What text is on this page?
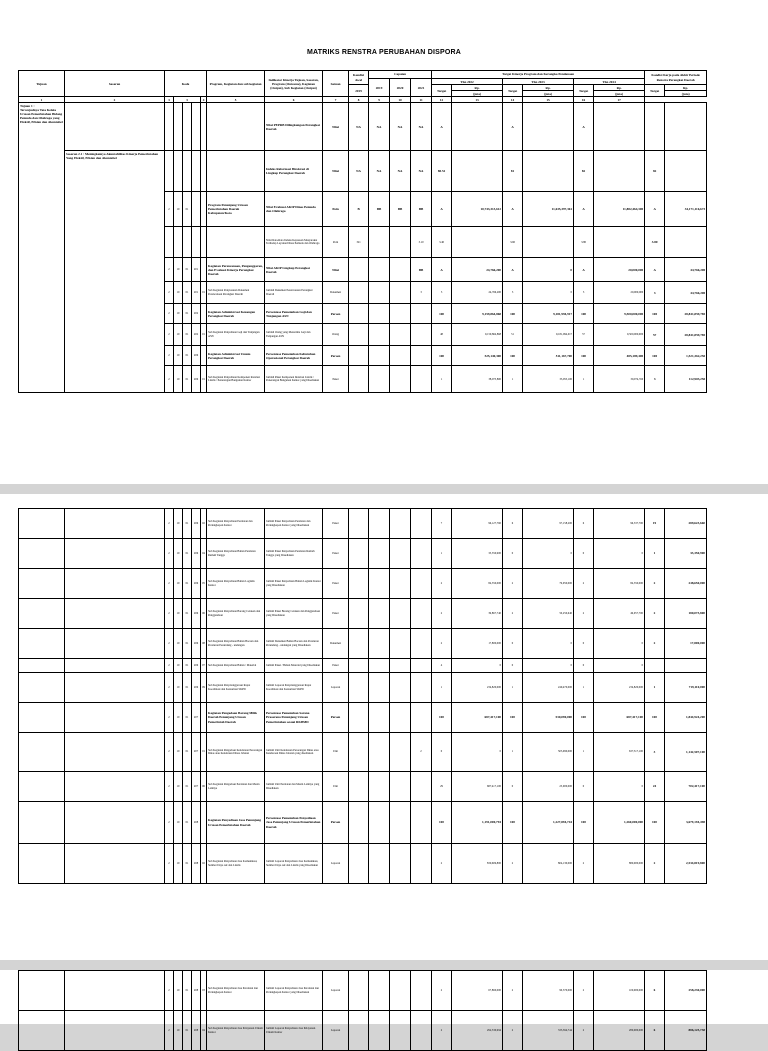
MATRIKS RENSTRA PERUBAHAN DISPORA
Tujuan	Sasaran	Kode					Program, Kegiatan dan sub kegiatan	Indikator Kinerja Tujuan, Sasaran, Program (Outcome), Kegiatan (Output), Sub Kegiatan (Output)	Satuan	Kondisi Awal	Capaian			Target Kinerja Program dan Kerangka Pendanaan						Kondisi Kerja pada Akhir Periode Renstra Perangkat Daerah	
											2019	2020	2021	Thn 2022		Thn 2023		Thn 2024			
										2019				Target	Rp.	Target	Rp.	Target	Rp.	Target	Rp.
															(juta)		(juta)		(juta)		(juta)
1	2	3	3			4	5	6	7	8	9	10	11	12	13	14	15	16	17		

Tujuan 1 :
Terwujudnya Tata Kelola Urusan Pemerintahan Bidang Pemuda dan Olahraga yang Efektif, Efisien dan Akuntabel								Nilai PEPRB Dilingkungan Perangkat Daerah	Nilai	NA	NA	NA	NA	A		A		A			
	Sasaran 2.1 : Meningkatnya Akuntabilitas Kinerja Pemerintahan Yang Efektif, Efisien dan Akuntabel							Indeks Reformasi Birokrasi di Lingkup Perangkat Daerah	Nilai	NA	NA	NA	NA	80.51		81		82		82	
		2	19	01			Program Penunjang Urusan Pemerintahan Daerah Kabupaten/Kota	Nilai Evaluasi AKIP Dinas Pemuda dan Olahraga	Poin	B	BB	BB	BB	A	10,743,313,612	A	11,635,397,361	A	11,882,464,300	A	34,171,116,673
								Nilai Rata-Rata Indeks Kepuasan Masyarakat Terhadap Layanan Dinas Pemuda dan Olahraga	Poin	321			3.10	3.40		3.60		3.80		3.80	
		2	19	01	201		Kegiatan Perencanaan, Penganggaran, dan Evaluasi Kinerja Perangkat Daerah	Nilai AKIP Lingkup Perangkat Daerah	Nilai				BB	A	24,766,200	A	0	A	20,000,000	A	44,766,200
		2	19	01	201	01	Sub Kegiatan Penyusunan Dokumen Perencanaan Perangkat Daerah	Jumlah Dokumen Perencanaan Perangkat Daerah	Dokumen				3	3	24,766,200	3	0	3	20,000,000	3	44,766,200
		2	19	01	202		Kegiatan Administrasi Keuangan Perangkat Daerah	Persentase Pemenuhan Gaji dan Tunjangan ASN	Persen					100	9,159,864,868	100	9,181,994,917	100	9,500,000,000	100	28,841,859,785
		2	19	01	202	01	Sub Kegiatan Penyediaan Gaji dan Tunjangan ASN	Jumlah Orang yang Menerima Gaji dan Tunjangan ASN	Orang					48	9,159,864,868	51	9,181,994,917	57	9,500,000,000	57	28,841,859,785
		2	19	01	206		Kegiatan Administrasi Umum Perangkat Daerah	Persentase Pemenuhan Kebutuhan Operasional Perangkat Daerah	Persen					100	525,140,300	100	511,167,700	100	485,189,400	100	1,521,362,250
		2	19	01	206	01	Sub Kegiatan Penyediaan Komponen Instalasi Listrik / Penerangan Bangunan Kantor	Jumlah Paket Komponen Instalasi Listrik / Penerangan Bangunan Kantor yang Disediakan	Paket					1	38,973,800	1	33,955,100	1	39,974,350	3	112,903,250
		2	19	01	206	02	Sub Kegiatan Penyediaan Peralatan dan Perlengkapan Kantor	Jumlah Paket Penyediaan Peralatan dan Perlengkapan Kantor yang Disediakan	Paket					7	96,127,760	6	97,158,200	6	96,337,700	19	289,623,660
		2	19	01	206	04	Sub Kegiatan Penyediaan Bahan Peralatan Rumah Tangga	Jumlah Paket Penyediaan Peralatan Rumah Tangga yang Disediakan	Paket					1	33,350,900	0	0	0	0	1	33,350,900
		2	19	01	206	05	Sub Kegiatan Penyediaan Bahan Logistik Kantor	Jumlah Paket Penyediaan Bahan Logistik Kantor yang Disediakan	Paket					2	84,350,000	2	79,950,000	2	84,350,000	2	248,650,000
		2	19	01	206	06	Sub Kegiatan Penyediaan Barang Cetakan dan Penggandaan	Jumlah Paket Barang Cetakan dan Penggandaan yang Disediakan	Paket					2	39,867,740	2	50,250,640	2	49,957,700	2	180,073,800
		2	19	01	206	08	Sub Kegiatan Penyediaan Bahan Bacaan dan Peraturan Perundang - undangan	Jumlah Dokumen Bahan Bacaan dan Peraturan Perundang - undangan yang Disediakan	Dokumen					2	17,800,000	0	0	0	0	2	17,800,000
		2	19	01	206	07	Sub Kegiatan Penyediaan Bahan / Material	Jumlah Paket / Bahan Material yang Disediakan	Paket					4	0	0	0	0	0		
		2	19	01	206	09	Sub Kegiatan Penyelenggaraan Rapat Koordinasi dan Konsultasi SKPD	Jumlah Laporan Penyelenggaraan Rapat Koordinasi dan Konsultasi SKPD	Laporan					1	234,820,000	1	249,470,000	1	234,820,000	1	719,110,000
		2	19	01	207		Kegiatan Pengadaan Barang Milik Daerah Penunjang Urusan Pemerintah Daerah	Persentase Pemenuhan Sarana Prasarana Penunjang Urusan Pemerintahan sesuai RKBMD	Persen					100	687,417,100	100	530,090,000	100	687,417,100	100	1,844,924,200
		2	19	01	207	01	Sub Kegiatan Pengadaan Kendaraan Perorangan Dinas atau Kendaraan Dinas Jabatan	Jumlah Unit Kendaraan Perorangan Dinas atau Kendaraan Dinas Jabatan yang disediakan	Unit				2	0	0	1	505,090,000	1	637,517,100	3	1,142,507,100
		2	19	01	207	06	Sub Kegiatan Pengadaan Peralatan dan Mesin Lainnya	Jumlah Unit Peralatan dan Mesin Lainnya yang Disediakan	Unit					29	687,417,100	0	25,000,000	0	0	24	702,417,100
		2	19	01	208		Kegiatan Penyediaan Jasa Penunjang Urusan Pemerintahan Daerah	Persentase Pemenuhan Penyediaan Jasa Penunjang Urusan Pemerintahan Daerah	Persen					100	1,191,000,794	100	1,227,894,744	100	1,260,000,000	100	3,679,194,498
		2	19	01	208	02	Sub Kegiatan Penyediaan Jasa Komunikasi, Sumber Daya Air dan Listrik	Jumlah Laporan Penyediaan Jasa Komunikasi, Sumber Daya Air dan Listrik yang Disediakan	Laporan					2	830,609,800	2	804,130,000	2	880,000,000	2	2,534,819,800
		2	19	01	208	03	Sub Kegiatan Penyediaan Jasa Peralatan dan Perlengkapan Kantor	Jumlah Laporan Penyediaan Jasa Peralatan dan Perlengkapan Kantor yang Disediakan	Laporan					2	67,860,000	2	90,370,000	2	100,000,000	6	258,230,000
		2	19	01	208	04	Sub Kegiatan Penyediaan Jasa Pelayanan Umum Kantor	Jumlah Laporan Penyediaan Jasa Pelayanan Umum Kantor	Laporan					2	292,530,994	2	333,394,744	2	280,000,000	6	886,125,738
